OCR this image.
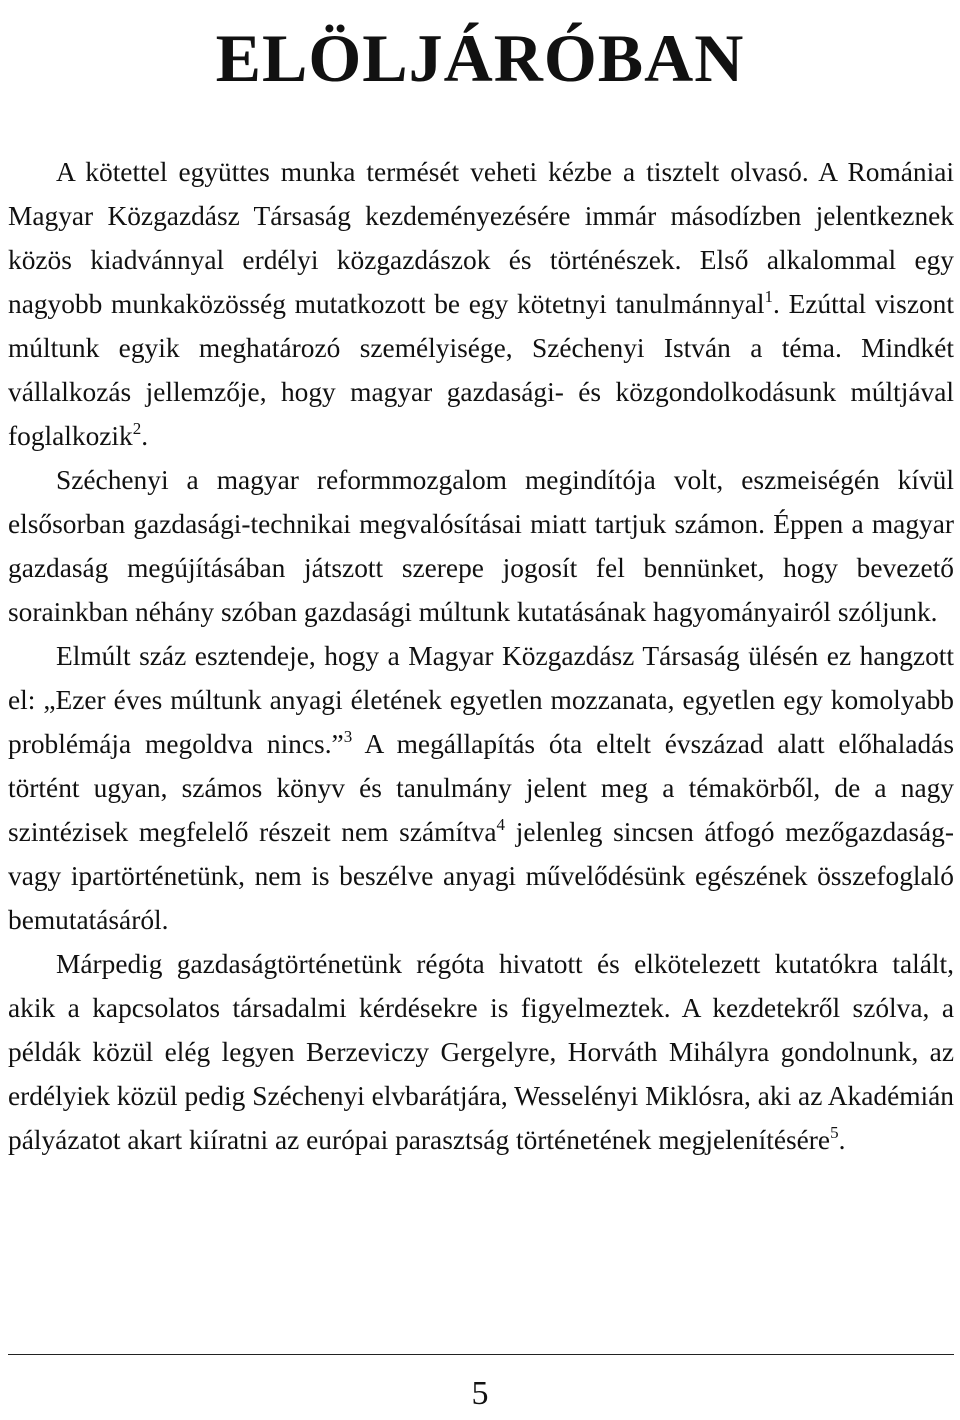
ELÖLJÁRÓBAN

A kötettel együttes munka termését veheti kézbe a tisztelt olvasó. A Romániai Magyar Közgazdász Társaság kezdeményezésére immár másodízben jelentkeznek közös kiadvánnyal erdélyi közgazdászok és történészek. Első alkalommal egy nagyobb munkaközösség mutatkozott be egy kötetnyi tanulmánnyal$^1$. Ezúttal viszont múltunk egyik meghatározó személyisége, Széchenyi István a téma. Mindkét vállalkozás jellemzője, hogy magyar gazdasági- és közgondolkodásunk múltjával foglalkozik$^2$.

Széchenyi a magyar reformmozgalom megindítója volt, eszmeiségén kívül elsősorban gazdasági-technikai megvalósításai miatt tartjuk számon. Éppen a magyar gazdaság megújításában játszott szerepe jogosít fel bennünket, hogy bevezető sorainkban néhány szóban gazdasági múltunk kutatásának hagyományairól szóljunk.

Elmúlt száz esztendeje, hogy a Magyar Közgazdász Társaság ülésén ez hangzott el: „Ezer éves múltunk anyagi életének egyetlen mozzanata, egyetlen egy komolyabb problémája megoldva nincs.”$^3$ A megállapítás óta eltelt évszázad alatt előhaladás történt ugyan, számos könyv és tanulmány jelent meg a témakörből, de a nagy szintézisek megfelelő részeit nem számítva$^4$ jelenleg sincsen átfogó mezőgazdaság- vagy ipartörténetünk, nem is beszélve anyagi művelődésünk egészének összefoglaló bemutatásáról.

Márpedig gazdaságtörténetünk régóta hivatott és elkötelezett kutatókra talált, akik a kapcsolatos társadalmi kérdésekre is figyelmeztek. A kezdetekről szólva, a példák közül elég legyen Berzeviczy Gergelyre, Horváth Mihályra gondolnunk, az erdélyiek közül pedig Széchenyi elvbarátjára, Wesselényi Miklósra, aki az Akadémián pályázatot akart kiíratni az európai parasztság történetének megjelenítésére$^5$.

5
